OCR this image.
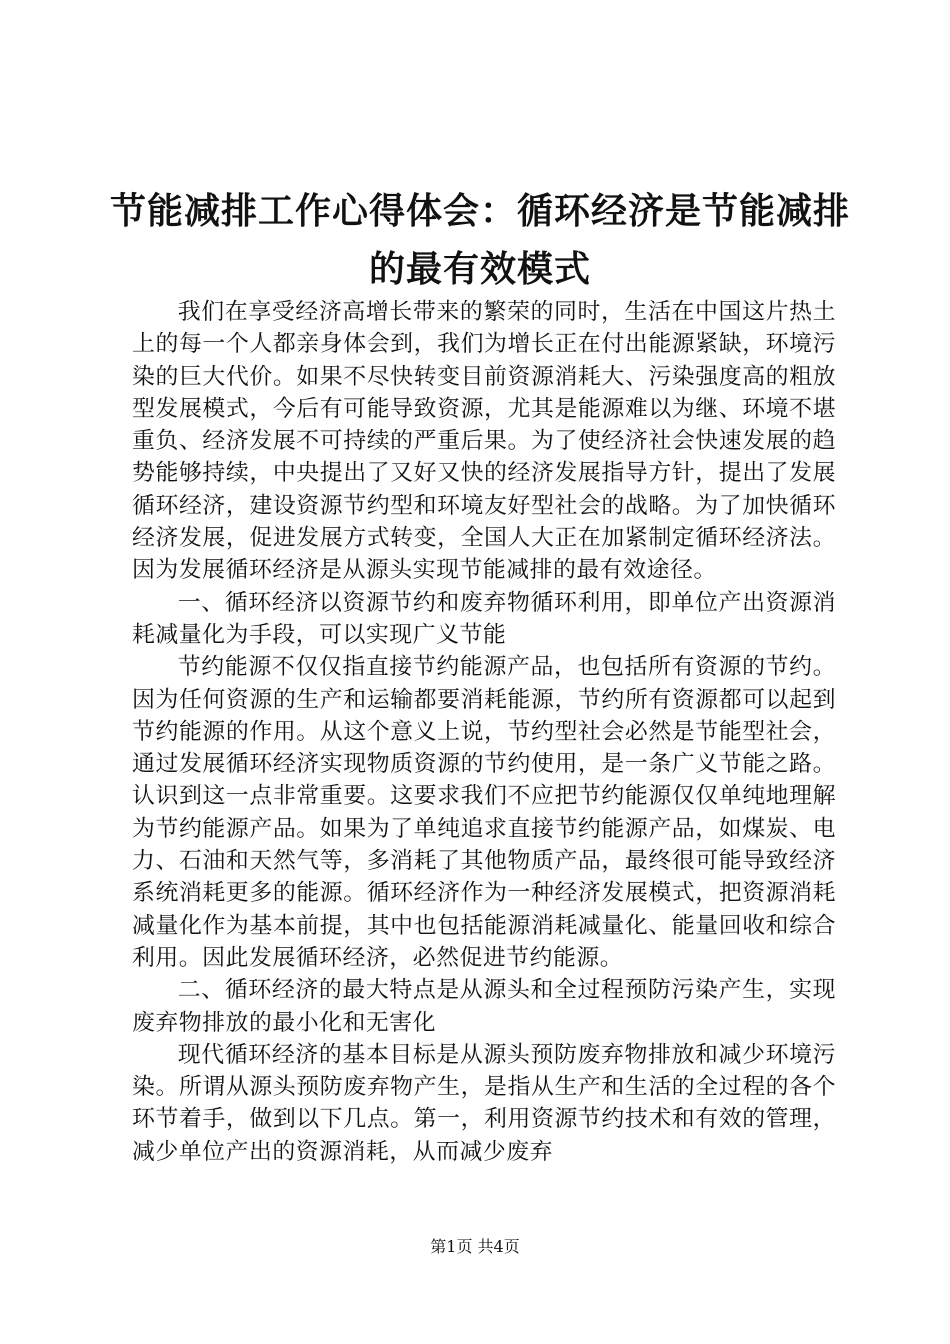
节能减排工作心得体会：循环经济是节能减排
的最有效模式

我们在享受经济高增长带来的繁荣的同时，生活在中国这片热土上的每一个人都亲身体会到，我们为增长正在付出能源紧缺，环境污染的巨大代价。如果不尽快转变目前资源消耗大、污染强度高的粗放型发展模式，今后有可能导致资源，尤其是能源难以为继、环境不堪重负、经济发展不可持续的严重后果。为了使经济社会快速发展的趋势能够持续，中央提出了又好又快的经济发展指导方针，提出了发展循环经济，建设资源节约型和环境友好型社会的战略。为了加快循环经济发展，促进发展方式转变，全国人大正在加紧制定循环经济法。因为发展循环经济是从源头实现节能减排的最有效途径。

一、循环经济以资源节约和废弃物循环利用，即单位产出资源消耗减量化为手段，可以实现广义节能

节约能源不仅仅指直接节约能源产品，也包括所有资源的节约。因为任何资源的生产和运输都要消耗能源，节约所有资源都可以起到节约能源的作用。从这个意义上说，节约型社会必然是节能型社会，通过发展循环经济实现物质资源的节约使用，是一条广义节能之路。认识到这一点非常重要。这要求我们不应把节约能源仅仅单纯地理解为节约能源产品。如果为了单纯追求直接节约能源产品，如煤炭、电力、石油和天然气等，多消耗了其他物质产品，最终很可能导致经济系统消耗更多的能源。循环经济作为一种经济发展模式，把资源消耗减量化作为基本前提，其中也包括能源消耗减量化、能量回收和综合利用。因此发展循环经济，必然促进节约能源。

二、循环经济的最大特点是从源头和全过程预防污染产生，实现废弃物排放的最小化和无害化

现代循环经济的基本目标是从源头预防废弃物排放和减少环境污染。所谓从源头预防废弃物产生，是指从生产和生活的全过程的各个环节着手，做到以下几点。第一，利用资源节约技术和有效的管理，减少单位产出的资源消耗，从而减少废弃

第1页 共4页
